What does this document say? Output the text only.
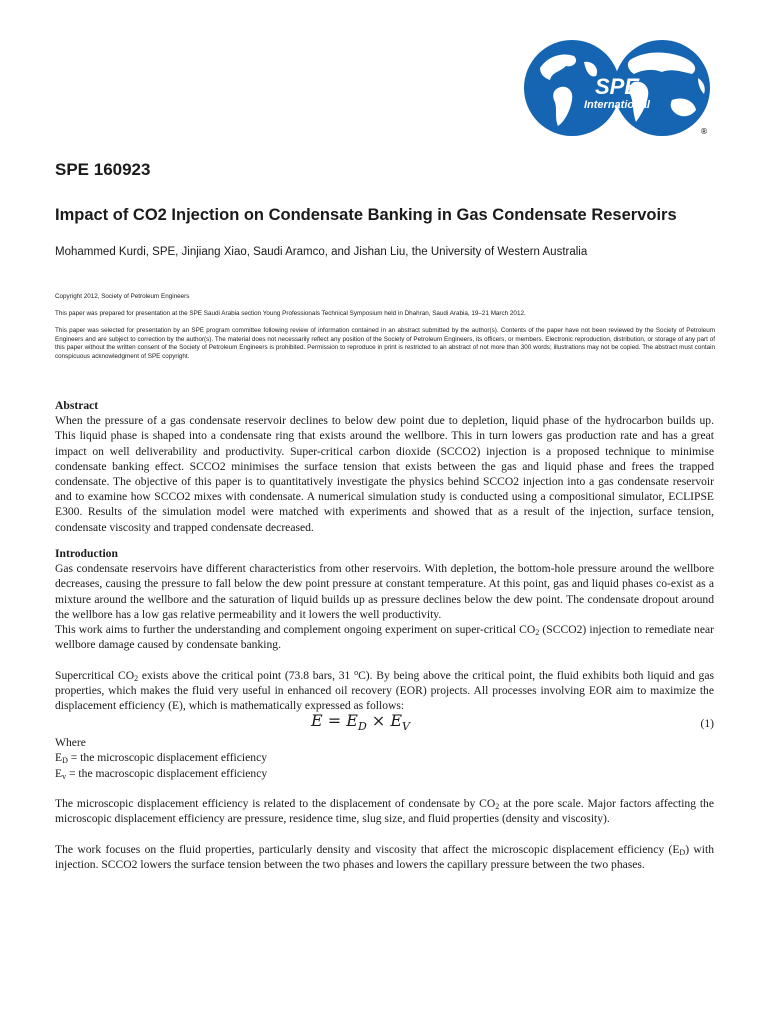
SPE
International
®
SPE 160923
Impact of CO2 Injection on Condensate Banking in Gas Condensate Reservoirs

Mohammed Kurdi, SPE, Jinjiang Xiao, Saudi Aramco, and Jishan Liu, the University of Western Australia

Copyright 2012, Society of Petroleum Engineers

This paper was prepared for presentation at the SPE Saudi Arabia section Young Professionals Technical Symposium held in Dhahran, Saudi Arabia, 19–21 March 2012.

This paper was selected for presentation by an SPE program committee following review of information contained in an abstract submitted by the author(s). Contents of the paper have not been reviewed by the Society of Petroleum Engineers and are subject to correction by the author(s). The material does not necessarily reflect any position of the Society of Petroleum Engineers, its officers, or members. Electronic reproduction, distribution, or storage of any part of this paper without the written consent of the Society of Petroleum Engineers is prohibited. Permission to reproduce in print is restricted to an abstract of not more than 300 words; illustrations may not be copied. The abstract must contain conspicuous acknowledgment of SPE copyright.

Abstract

When the pressure of a gas condensate reservoir declines to below dew point due to depletion, liquid phase of the hydrocarbon builds up. This liquid phase is shaped into a condensate ring that exists around the wellbore. This in turn lowers gas production rate and has a great impact on well deliverability and productivity. Super-critical carbon dioxide (SCCO2) injection is a proposed technique to minimise condensate banking effect. SCCO2 minimises the surface tension that exists between the gas and liquid phase and frees the trapped condensate. The objective of this paper is to quantitatively investigate the physics behind SCCO2 injection into a gas condensate reservoir and to examine how SCCO2 mixes with condensate. A numerical simulation study is conducted using a compositional simulator, ECLIPSE E300. Results of the simulation model were matched with experiments and showed that as a result of the injection, surface tension, condensate viscosity and trapped condensate decreased.

Introduction

Gas condensate reservoirs have different characteristics from other reservoirs. With depletion, the bottom-hole pressure around the wellbore decreases, causing the pressure to fall below the dew point pressure at constant temperature. At this point, gas and liquid phases co-exist as a mixture around the wellbore and the saturation of liquid builds up as pressure declines below the dew point. The condensate dropout around the wellbore has a low gas relative permeability and it lowers the well productivity.

This work aims to further the understanding and complement ongoing experiment on super-critical $CO_2$ (SCCO2) injection to remediate near wellbore damage caused by condensate banking.

Supercritical $CO_2$ exists above the critical point (73.8 bars, 31 $^o$C). By being above the critical point, the fluid exhibits both liquid and gas properties, which makes the fluid very useful in enhanced oil recovery (EOR) projects. All processes involving EOR aim to maximize the displacement efficiency (E), which is mathematically expressed as follows:

$E = E_D \times E_V$	(1)

Where

$E_D$ = the microscopic displacement efficiency

$E_v$ = the macroscopic displacement efficiency

The microscopic displacement efficiency is related to the displacement of condensate by $CO_2$ at the pore scale. Major factors affecting the microscopic displacement efficiency are pressure, residence time, slug size, and fluid properties (density and viscosity).

The work focuses on the fluid properties, particularly density and viscosity that affect the microscopic displacement efficiency $(E_D)$ with injection. SCCO2 lowers the surface tension between the two phases and lowers the capillary pressure between the two phases.
